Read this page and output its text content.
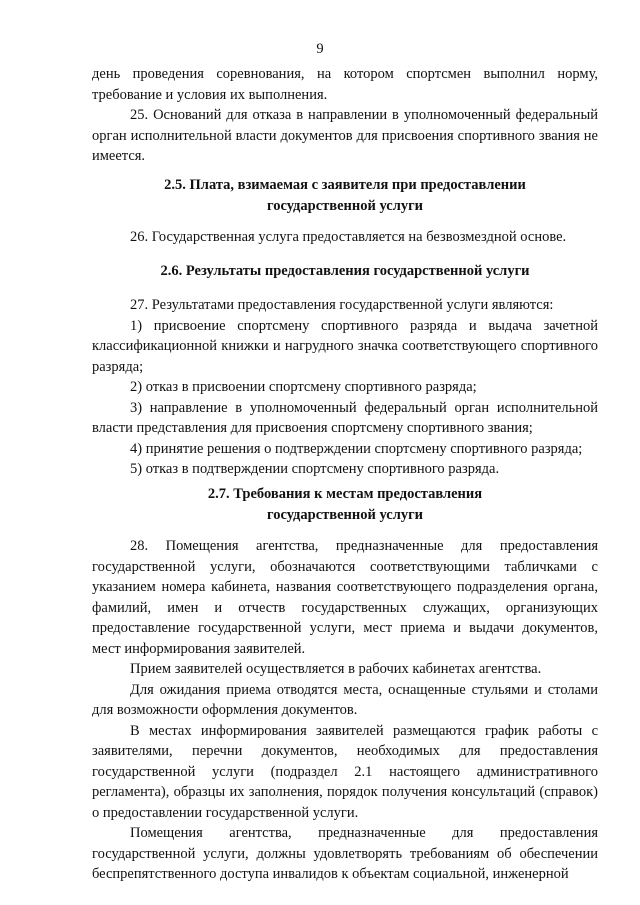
9

день проведения соревнования, на котором спортсмен выполнил норму, требование и условия их выполнения.

25. Оснований для отказа в направлении в уполномоченный федеральный орган исполнительной власти документов для присвоения спортивного звания не имеется.

2.5. Плата, взимаемая с заявителя при предоставлении

государственной услуги

26. Государственная услуга предоставляется на безвозмездной основе.

2.6. Результаты предоставления государственной услуги

27. Результатами предоставления государственной услуги являются:

1) присвоение спортсмену спортивного разряда и выдача зачетной классификационной книжки и нагрудного значка соответствующего спортивного разряда;

2) отказ в присвоении спортсмену спортивного разряда;

3) направление в уполномоченный федеральный орган исполнительной власти представления для присвоения спортсмену спортивного звания;

4) принятие решения о подтверждении спортсмену спортивного разряда;

5) отказ в подтверждении спортсмену спортивного разряда.

2.7. Требования к местам предоставления

государственной услуги

28. Помещения агентства, предназначенные для предоставления государственной услуги, обозначаются соответствующими табличками с указанием номера кабинета, названия соответствующего подразделения органа, фамилий, имен и отчеств государственных служащих, организующих предоставление государственной услуги, мест приема и выдачи документов, мест информирования заявителей.

Прием заявителей осуществляется в рабочих кабинетах агентства.

Для ожидания приема отводятся места, оснащенные стульями и столами для возможности оформления документов.

В местах информирования заявителей размещаются график работы с заявителями, перечни документов, необходимых для предоставления государственной услуги (подраздел 2.1 настоящего административного регламента), образцы их заполнения, порядок получения консультаций (справок) о предоставлении государственной услуги.

Помещения агентства, предназначенные для предоставления государственной услуги, должны удовлетворять требованиям об обеспечении беспрепятственного доступа инвалидов к объектам социальной, инженерной
